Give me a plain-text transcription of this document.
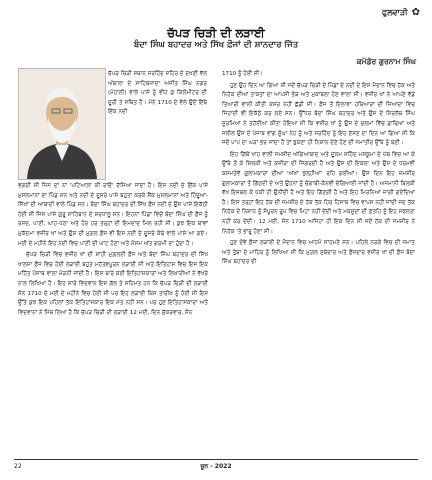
ਫੁਲਵਾੜੀ ✿
ਚੱਪੜ ਚਿੜੀ ਦੀ ਲੜਾਈ
ਬੰਦਾ ਸਿੰਘ ਬਹਾਦਰ ਅਤੇ ਸਿੱਖ ਫ਼ੌਜਾਂ ਦੀ ਸ਼ਾਨਦਾਰ ਜਿੱਤ
ਕਮੋਡੋਰ ਗੁਰਨਾਮ ਸਿੰਘ

ਚੱਪੜ ਚਿੜੀ ਸਥਾਨ ਸਰਹਿੰਦ ਸ਼ਹਿਰ ਦੇ ਦਖਣੀ ਵੱਲ ਅੰਬਾਲਾ ਦੇ ਸਾਹਿਬਜ਼ਾਦਾ ਅਜੀਤ ਸਿੰਘ ਨਗਰ (ਮੋਹਾਲੀ) ਵਾਲੇ ਪਾਸੇ ਨੂੰ ਵੀਹ ਕੁ ਕਿਲੋਮੀਟਰ ਦੀ ਦੂਰੀ ਤੇ ਸਥਿਤ ਹੈ। ਮੰਨੇ 1710 ਦੇ ਵੇਲੇ ਉਦੋਂ ਇੱਥੇ ਇੱਕ ਨਦੀ

ਵਗਦੀ ਸੀ ਜਿਸ ਦਾ ਨਾਂ 'ਪਟਿਆਲਾ ਕੀ ਰਾਓ' ਦੱਸਿਆ ਜਾਂਦਾ ਹੈ। ਇਸ ਨਦੀ ਦੇ ਇੱਕ ਪਾਸੇ ਮੁਸਲਮਾਨਾਂ ਦਾ ਪਿੰਡ ਸਨ ਅਤੇ ਨਦੀ ਦੇ ਦੂਸਰੇ ਪਾਸੇ ਬਹੁਤਾ ਕਰਕੇ ਸੈਂਕ ਮੁਸਲਮਾਨਾਂ ਅਤੇ ਹਿੰਦੂਆਂ-ਸਿੱਖਾਂ ਦੀ ਆਬਾਦੀ ਵਾਲੇ ਪਿੰਡ ਸਨ। ਬੰਦਾ ਸਿੰਘ ਬਹਾਦਰ ਦੀ ਸਿੱਖ ਫ਼ੌਜ ਨਦੀ ਦੇ ਉਸ ਪਾਸੇ ਇਕੱਠੀ ਹੋਈ ਸੀ ਜਿਸ ਪਾਸੇ ਗੁਰੂ ਸਾਹਿਬਾਨ ਦੇ ਸ਼ਰਧਾਲੂ ਸਨ। ਇਹਨਾਂ ਪਿੰਡਾਂ ਵਿਚੋਂ ਬੰਦਾ ਸਿੰਘ ਦੀ ਫ਼ੌਜ ਨੂੰ ਰਸਦ, ਪਾਣੀ, ਘਾਹ-ਪੱਠਾ ਅਤੇ ਹੋਰ ਹਰ ਤਰ੍ਹਾਂ ਦੀ ਇਮਦਾਦ ਮਿਲ ਰਹੀ ਸੀ। ਕੁਝ ਇਕ ਥਾਂਵਾਂ ਮੁਕੱਦਮਾ ਵਜ਼ੀਰ ਖਾਂ ਅਤੇ ਉਸ ਦੀ ਮੁਗ਼ਲ ਫ਼ੌਜ ਵੀ ਇਸ ਨਦੀ ਦੇ ਦੂਸਰੇ ਕੰਢੇ ਵਾਲੇ ਪਾਸੇ ਆ ਗਏ। ਮਈ ਦੇ ਮਹੀਨੇ ਇਹ ਨਦੀ ਵਿਚ ਪਾਣੀ ਦੀ ਘਾਟ ਹੋਣਾ ਅਤੇ ਮੌਸਮ ਅੱਤ ਗਰਮੀ ਦਾ ਹੁੰਦਾ ਹੈ।

ਚੱਪੜ ਚਿੜੀ ਵਿਚ ਵਜ਼ੀਰ ਖਾਂ ਦੀ ਸ਼ਾਹੀ ਮੁਗ਼ਲਈ ਫ਼ੌਜ ਅਤੇ ਬੰਦਾ ਸਿੰਘ ਬਹਾਦਰ ਦੀ ਸਿੱਖ ਖਾਲਸਾ ਫ਼ੌਜ ਵਿਚ ਹੋਈ ਲੜਾਈ ਬਹੁਤ ਮਹੱਤਵਪੂਰਨ ਲੜਾਈ ਸੀ ਅਤੇ ਇਤਿਹਾਸ ਵਿਚ ਇਸ ਇਕ ਮਹਿੱਤ ਪੰਜਾਬ ਵਾਲਾ ਮੋੜਨੀ ਜਾਂਦੀ ਹੈ। ਇਸ ਬਾਰੇ ਕਈ ਇਤਿਹਾਸਕਾਰਾਂ ਅਤੇ ਲਿਖਾਰੀਆਂ ਨੇ ਵੱਖਰੇ ਨਾਲ ਲਿਖਿਆ ਹੈ। ਇਹ ਸਾਰੇ ਵਿਦਵਾਨ ਇਸ ਗੱਲ ਤੇ ਸਹਿਮਤ ਹਨ ਕਿ ਚੱਪੜ ਚਿੜੀ ਦੀ ਲੜਾਈ ਸੰਨ 1710 ਦੇ ਮਈ ਦੇ ਮਹੀਨੇ ਵਿਚ ਹੋਈ ਸੀ ਪਰ ਇਹ ਲੜਾਈ ਕਿਸ ਤਾਰੀਖ਼ ਨੂੰ ਹੋਈ ਸੀ ਇਸ ਉੱਤੇ ਕੁਝ ਇਕ ਪਹਿਲਾਂ ਤੱਕ ਇਤਿਹਾਸਕਾਰ ਇਕ ਮੱਤ ਨਹੀਂ ਸਨ। ਪਰ ਹੁਣ ਇਤਿਹਾਸਕਾਰਾਂ ਅਤੇ ਵਿਦਵਾਨਾਂ ਨੇ ਮਿੱਥ ਲਿਆ ਹੈ ਕਿ ਚੱਪੜ ਚਿੜੀ ਦੀ ਲੜਾਈ 12 ਮਈ, ਦਿਨ ਸ਼ੁੱਕਰਵਾਰ, ਸੰਨ

1710 ਨੂੰ ਹੋਈ ਸੀ।

ਹੁਣ ਉਹ ਦਿਨ ਆ ਗਿਆ ਸੀ ਜਦੋਂ ਚੱਪੜ ਚਿੜੀ ਦੇ ਪਿੰਡਾਂ ਦੇ ਨਦੀ ਦੇ ਇਸ ਮੈਦਾਨ ਵਿਚ ਹੱਕ ਅਤੇ ਨਿਹੱਕ ਦੀਆਂ ਤਾਕਤਾਂ ਦਾ ਆਪਸੀ ਭੇੜ ਅਤੇ ਮੁਕਾਬਲਾ ਹੋਣ ਵਾਲਾ ਸੀ। ਵਜ਼ੀਰ ਖਾਂ ਨੇ ਆਪਣੇ ਵੱਡੇ ਤਿਆਰੀ ਵਾਲੀ ਕੀਤੀ ਕਸਰ ਨਹੀਂ ਛੱਡੀ ਸੀ। ਫ਼ੌਜ ਤੋਂ ਇਲਾਵਾ ਹਥਿਆਰਾਂ ਦੀ ਜ਼ਿਆਦਾ ਵਿਚ ਜਿਹਾਦੀ ਵੀ ਇਕੱਠੇ ਕਰ ਲਏ ਸਨ। ਉੱਧਰ ਬੰਦਾ ਸਿੰਘ ਬਹਾਦਰ ਅਤੇ ਉਸ ਦੇ ਸਿਰਲੱਥ ਸਿੰਘ ਸੂਰਮਿਆਂ ਨੇ ਤਹੱਈਆ ਕੀਤਾ ਹੋਇਆ ਸੀ ਕਿ ਵਜ਼ੀਰ ਖਾਂ ਨੂੰ ਉਸ ਦੇ ਜ਼ੁਲਮਾਂ ਵਿੱਚ ਡਾਢਿਆਂ ਅਤੇ ਜਲੀਲ ਉਸ ਦੇ ਪੰਜਾਬ ਵਾਂਗ ਸੂੰਘਾ ਨੇਹ ਨੂੰ ਅਤੇ ਸਰਹਿੰਦ ਨੂੰ ਇਹ ਦੱਸਣ ਦਾ ਦਿਨ ਆ ਗਿਆ ਸੀ ਕਿ ਜਦੋਂ ਪਾਪ ਦਾ ਘੜਾ ਭਰ ਜਾਂਦਾ ਹੈ ਤਾਂ ਝੁਕਣਾ ਹੀ ਨਿਸ਼ਾਨ ਦੇਣੇ ਹੋਣ ਦੀ ਜਮਾਤੀਰ ਉੱਥੇ ਨੂੰ ਬਣੀ।

ਇਹ ਗਿੱਥੋਂ ਖਾਹ ਵਾਲੀ ਜਮਸ਼ੀਦ ਅੱਗਿਆਬਾਦ ਅਤੇ ਦੂਲਮ ਸਹਿੰਦ ਮਸਕੂਮਾ ਦੇ ਪੱਥ ਵਿਚ ਆ ਕੇ ਉੱਥੇ ਤੋਂ ਕੇ ਸ਼ਿਲਕੀ ਅਤੇ ਕਜ਼ੀਰਾ ਦੀ ਜਿਗਰਦੀ ਹੈ ਅਤੇ ਉਸ ਦੀ ਇਕਲਾ ਅਤੇ ਉਸ ਦੇ ਧਰਮਵੀ ਕਸਮਤੇਵੇਂ ਗੁਲਾਮਕਾਰਾਂ ਦੀਆਂ 'ਅੱਖਾਂ ਖੁੱਲ੍ਹੀਆਂ' ਰਹਿ ਗਈਆਂ। ਉਸ ਦਿਨ ਇਹ ਜ਼ਮਸ਼ੀਰ ਗੁਲਾਮਕਾਰਾਂ ਤੋਂ ਗਿੱਠਦੀ ਦੇ ਅਤੇ ਉਹਨਾਂ ਨੂੰ ਚੰਗਾਬੀ-ਕੰਨਵੀ ਚੰਗਿਆਈ ਜਾਂਦੀ ਹੈ। ਅਜਮਾਨੀ ਬਿਲਕੀ ਵੱਖ ਇਸਥਲ ਕੇ ਪੱਕੀ ਹੀ ਉਨੀਂਦੀ ਹੈ ਅਤੇ ਇਹ ਗਿੱਣਗੀ ਹੈ ਅਤੇ ਇਹ ਮਿਰਨਿਆਂ ਜਾਗੀ ਗਏਂਦਿਆਂ ਹੈ। ਇਸ ਤਰ੍ਹਾਂ ਇਹ ਹੱਕ ਦੀ ਜਮਸ਼ੀਰ ਦੇ ਹੱਕ ਤੱਕ ਹਿਰ ਹਿਸਾਬ ਵਿਚ ਵਾਪਸ ਨਹੀਂ ਜਾਂਦੀ ਜਦ ਤੱਕ ਨਿਹੱਕ ਦੇ ਨਿਸ਼ਾਨ ਨੂੰ ਸੰਪੂਰਨ ਰੂਪ ਵਿਚ ਮਿਟਾ ਨਹੀਂ ਦੇਂਦੀ ਅਤੇ ਮਕਸੂਦਾਂ ਦੀ ਫ਼ਤਹਿ ਨੂੰ ਇਹ ਸਫਲਤਾ ਨਹੀਂ ਕਰ ਦੇਂਦੀ। 12 ਮਈ, ਸੰਨ 1710 ਅਜਿਹਾ ਹੀ ਇਕ ਦਿਨ ਸੀ ਜਦੋਂ ਹੱਕ ਦੀ ਜਮਸ਼ੀਰ ਨੇ ਨਿਹੱਕ 'ਤੇ ਭਾਰੂ ਹੋਣਾ ਸੀ।

ਹੁਣ ਦੋਵੇਂ ਫ਼ੌਜਾਂ ਲੜਾਈ ਦੇ ਮੈਦਾਨ ਵਿਚ ਆਹਮੋ ਸਾਹਮਣੇ ਸਨ। ਪਹਿਲੇ ਨਰਗੇ ਵਿਚ ਦੀ ਜਮਾਤ ਅਤੇ ਤੁੰਬਾ ਦੇ ਮਾਹਿਰ ਨੂੰ ਲਿਖਿਆ ਸੀ ਕਿ ਮੁਗ਼ਲ ਸੁਬੇਦਾਰ ਅਤੇ ਫ਼ੌਜਦਾਰ ਵਜ਼ੀਰ ਖਾਂ ਦੀ ਫ਼ੌਜ ਬੰਦਾ ਸਿੰਘ ਬਹਾਦਰ ਦੀ

22	ਜੂਨ - 2022
